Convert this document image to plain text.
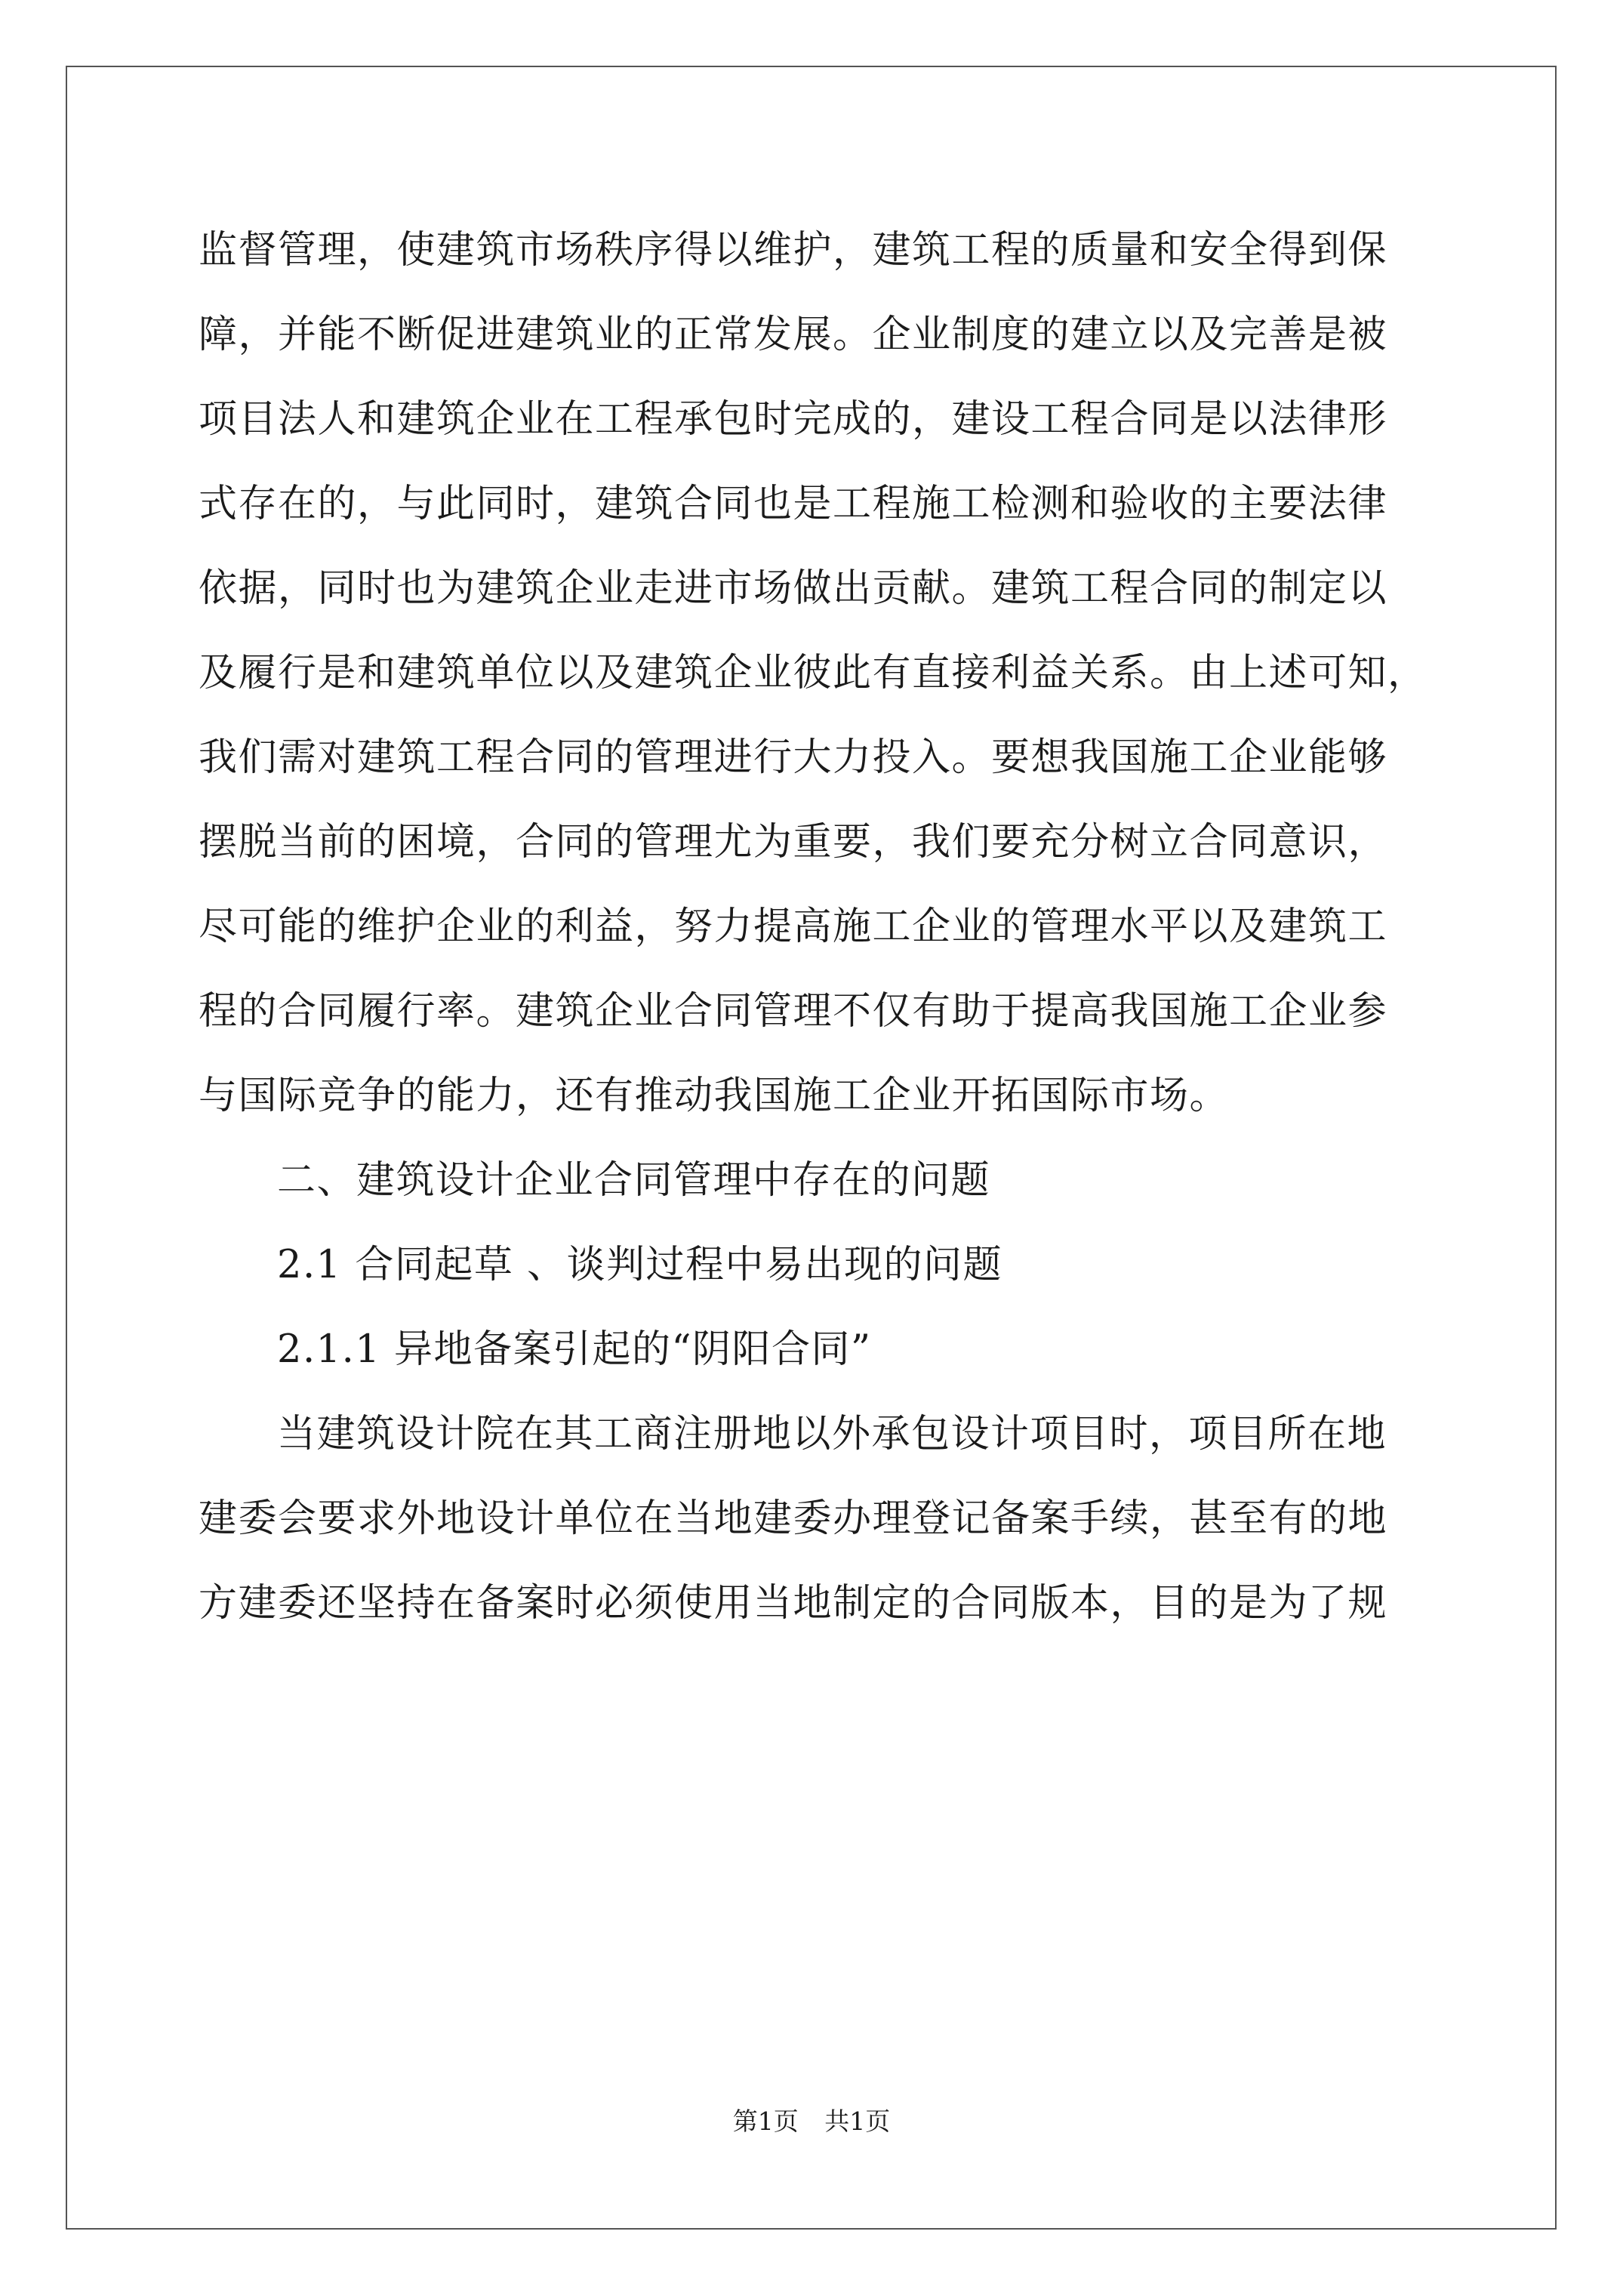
监督管理，使建筑市场秩序得以维护，建筑工程的质量和安全得到保
障，并能不断促进建筑业的正常发展。企业制度的建立以及完善是被
项目法人和建筑企业在工程承包时完成的，建设工程合同是以法律形
式存在的，与此同时，建筑合同也是工程施工检测和验收的主要法律
依据，同时也为建筑企业走进市场做出贡献。建筑工程合同的制定以
及履行是和建筑单位以及建筑企业彼此有直接利益关系。由上述可知，
我们需对建筑工程合同的管理进行大力投入。要想我国施工企业能够
摆脱当前的困境，合同的管理尤为重要，我们要充分树立合同意识，
尽可能的维护企业的利益，努力提高施工企业的管理水平以及建筑工
程的合同履行率。建筑企业合同管理不仅有助于提高我国施工企业参
与国际竞争的能力，还有推动我国施工企业开拓国际市场。
二、建筑设计企业合同管理中存在的问题
2.1 合同起草 、谈判过程中易出现的问题
2.1.1 异地备案引起的“阴阳合同”
当建筑设计院在其工商注册地以外承包设计项目时，项目所在地
建委会要求外地设计单位在当地建委办理登记备案手续，甚至有的地
方建委还坚持在备案时必须使用当地制定的合同版本，目的是为了规
第1页 共1页
